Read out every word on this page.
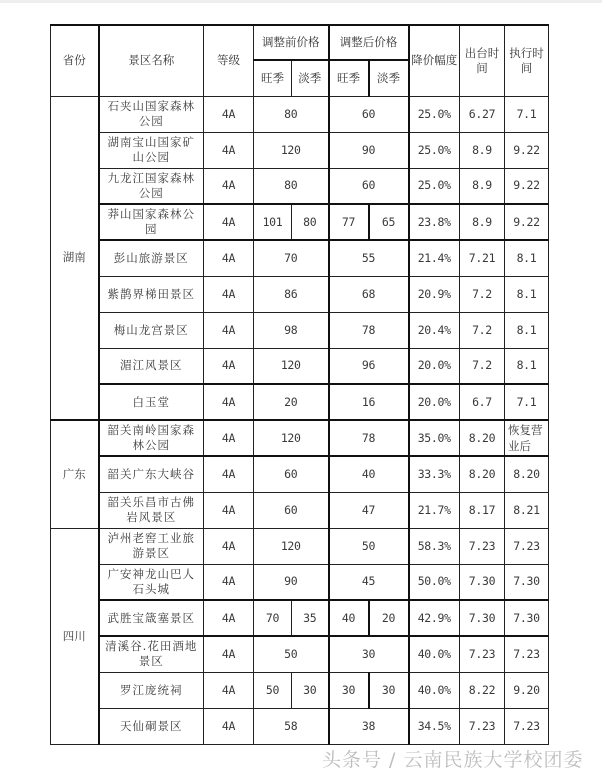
省份	景区名称	等级	调整前价格		调整后价格		降价幅度	出台时间	执行时间
			旺季	淡季	旺季	淡季			
湖南	石夹山国家森林公园	4A	80		60		25.0%	6.27	7.1
	湖南宝山国家矿山公园	4A	120		90		25.0%	8.9	9.22
	九龙江国家森林公园	4A	80		60		25.0%	8.9	9.22
	莽山国家森林公园	4A	101	80	77	65	23.8%	8.9	9.22
	彭山旅游景区	4A	70		55		21.4%	7.21	8.1
	紫鹊界梯田景区	4A	86		68		20.9%	7.2	8.1
	梅山龙宫景区	4A	98		78		20.4%	7.2	8.1
	湄江风景区	4A	120		96		20.0%	7.2	8.1
	白玉堂	4A	20		16		20.0%	6.7	7.1
广东	韶关南岭国家森林公园	4A	120		78		35.0%	8.20	恢复营业后
	韶关广东大峡谷	4A	60		40		33.3%	8.20	8.20
	韶关乐昌市古佛岩风景区	4A	60		47		21.7%	8.17	8.21
四川	泸州老窖工业旅游景区	4A	120		50		58.3%	7.23	7.23
	广安神龙山巴人石头城	4A	90		45		50.0%	7.30	7.30
	武胜宝箴塞景区	4A	70	35	40	20	42.9%	7.30	7.30
	清溪谷.花田酒地景区	4A	50		30		40.0%	7.23	7.23
	罗江庞统祠	4A	50	30	30	30	40.0%	8.22	9.20
	天仙硐景区	4A	58		38		34.5%	7.23	7.23
头条号 / 云南民族大学校团委
